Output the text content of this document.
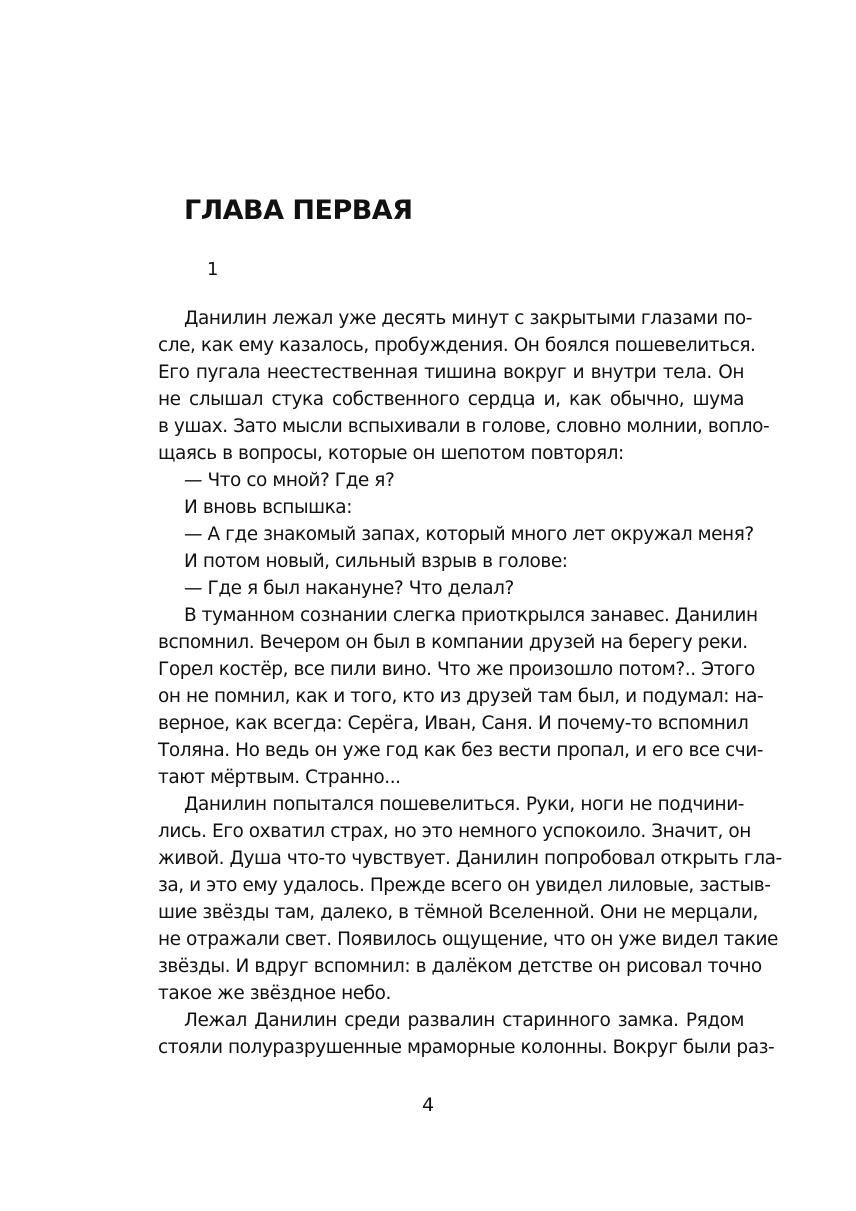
ГЛАВА ПЕРВАЯ
1
Данилин лежал уже десять минут с закрытыми глазами по-
сле, как ему казалось, пробуждения. Он боялся пошевелиться.
Его пугала неестественная тишина вокруг и внутри тела. Он
не слышал стука собственного сердца и, как обычно, шума
в ушах. Зато мысли вспыхивали в голове, словно молнии, вопло-
щаясь в вопросы, которые он шепотом повторял:
— Что со мной? Где я?
И вновь вспышка:
— А где знакомый запах, который много лет окружал меня?
И потом новый, сильный взрыв в голове:
— Где я был накануне? Что делал?
В туманном сознании слегка приоткрылся занавес. Данилин
вспомнил. Вечером он был в компании друзей на берегу реки.
Горел костёр, все пили вино. Что же произошло потом?.. Этого
он не помнил, как и того, кто из друзей там был, и подумал: на-
верное, как всегда: Серёга, Иван, Саня. И почему-то вспомнил
Толяна. Но ведь он уже год как без вести пропал, и его все счи-
тают мёртвым. Странно...
Данилин попытался пошевелиться. Руки, ноги не подчини-
лись. Его охватил страх, но это немного успокоило. Значит, он
живой. Душа что-то чувствует. Данилин попробовал открыть гла-
за, и это ему удалось. Прежде всего он увидел лиловые, застыв-
шие звёзды там, далеко, в тёмной Вселенной. Они не мерцали,
не отражали свет. Появилось ощущение, что он уже видел такие
звёзды. И вдруг вспомнил: в далёком детстве он рисовал точно
такое же звёздное небо.
Лежал Данилин среди развалин старинного замка. Рядом
стояли полуразрушенные мраморные колонны. Вокруг были раз-
4
